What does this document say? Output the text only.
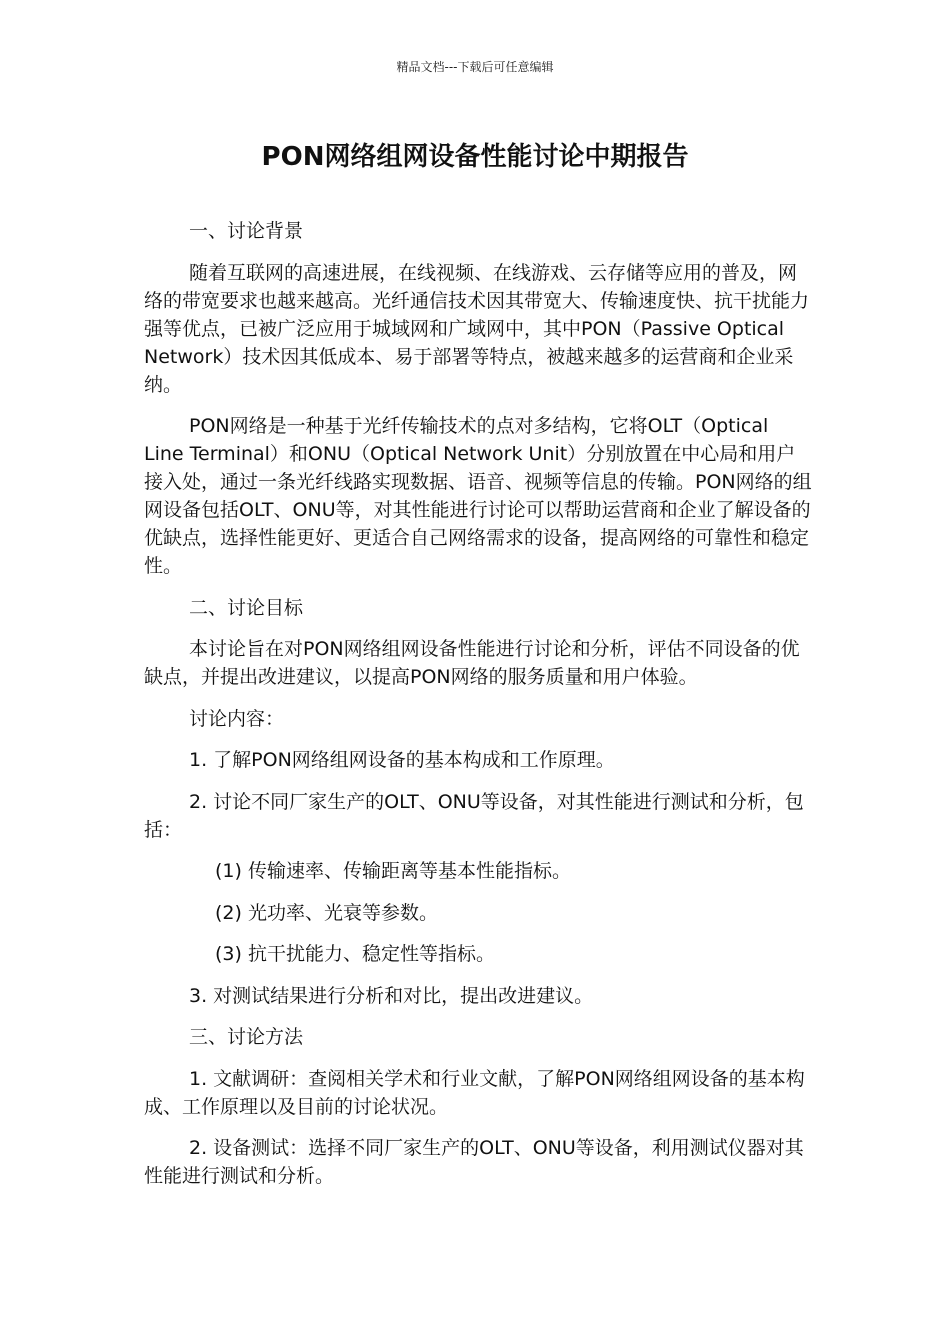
精品文档---下载后可任意编辑
PON网络组网设备性能讨论中期报告

一、讨论背景

随着互联网的高速进展，在线视频、在线游戏、云存储等应用的普及，网络的带宽要求也越来越高。光纤通信技术因其带宽大、传输速度快、抗干扰能力强等优点，已被广泛应用于城域网和广域网中，其中PON（Passive Optical Network）技术因其低成本、易于部署等特点，被越来越多的运营商和企业采纳。

PON网络是一种基于光纤传输技术的点对多结构，它将OLT（Optical Line Terminal）和ONU（Optical Network Unit）分别放置在中心局和用户接入处，通过一条光纤线路实现数据、语音、视频等信息的传输。PON网络的组网设备包括OLT、ONU等，对其性能进行讨论可以帮助运营商和企业了解设备的优缺点，选择性能更好、更适合自己网络需求的设备，提高网络的可靠性和稳定性。

二、讨论目标

本讨论旨在对PON网络组网设备性能进行讨论和分析，评估不同设备的优缺点，并提出改进建议，以提高PON网络的服务质量和用户体验。

讨论内容：

1. 了解PON网络组网设备的基本构成和工作原理。

2. 讨论不同厂家生产的OLT、ONU等设备，对其性能进行测试和分析，包括：

(1) 传输速率、传输距离等基本性能指标。

(2) 光功率、光衰等参数。

(3) 抗干扰能力、稳定性等指标。

3. 对测试结果进行分析和对比，提出改进建议。

三、讨论方法

1. 文献调研：查阅相关学术和行业文献，了解PON网络组网设备的基本构成、工作原理以及目前的讨论状况。

2. 设备测试：选择不同厂家生产的OLT、ONU等设备，利用测试仪器对其性能进行测试和分析。
